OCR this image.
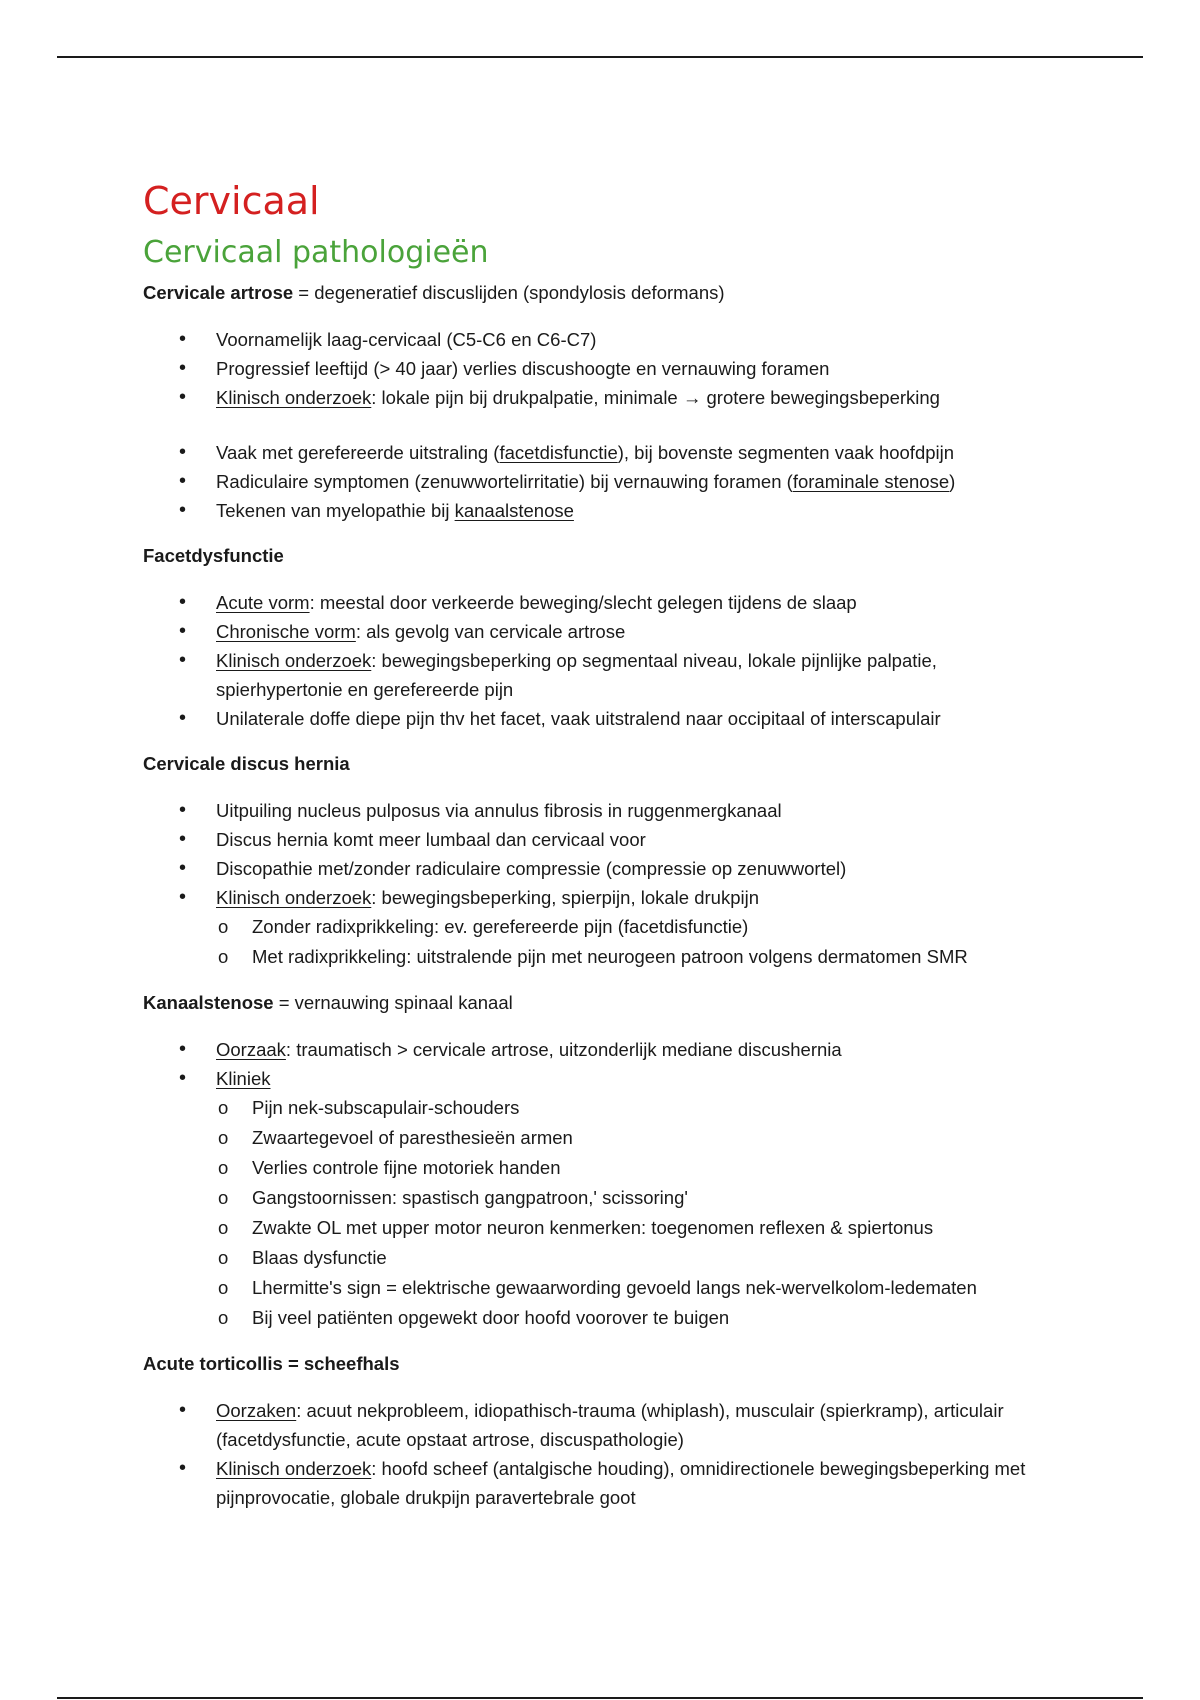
Cervicaal
Cervicaal pathologieën

Cervicale artrose = degeneratief discuslijden (spondylosis deformans)

• Voornamelijk laag-cervicaal (C5-C6 en C6-C7)
• Progressief leeftijd (> 40 jaar) verlies discushoogte en vernauwing foramen
• Klinisch onderzoek: lokale pijn bij drukpalpatie, minimale → grotere bewegingsbeperking
• Vaak met gerefereerde uitstraling (facetdisfunctie), bij bovenste segmenten vaak hoofdpijn
• Radiculaire symptomen (zenuwwortelirritatie) bij vernauwing foramen (foraminale stenose)
• Tekenen van myelopathie bij kanaalstenose

Facetdysfunctie

• Acute vorm: meestal door verkeerde beweging/slecht gelegen tijdens de slaap
• Chronische vorm: als gevolg van cervicale artrose
• Klinisch onderzoek: bewegingsbeperking op segmentaal niveau, lokale pijnlijke palpatie, spierhypertonie en gerefereerde pijn
• Unilaterale doffe diepe pijn thv het facet, vaak uitstralend naar occipitaal of interscapulair

Cervicale discus hernia

• Uitpuiling nucleus pulposus via annulus fibrosis in ruggenmergkanaal
• Discus hernia komt meer lumbaal dan cervicaal voor
• Discopathie met/zonder radiculaire compressie (compressie op zenuwwortel)
• Klinisch onderzoek: bewegingsbeperking, spierpijn, lokale drukpijn
o Zonder radixprikkeling: ev. gerefereerde pijn (facetdisfunctie)
o Met radixprikkeling: uitstralende pijn met neurogeen patroon volgens dermatomen SMR

Kanaalstenose = vernauwing spinaal kanaal

• Oorzaak: traumatisch > cervicale artrose, uitzonderlijk mediane discushernia
• Kliniek
o Pijn nek-subscapulair-schouders
o Zwaartegevoel of paresthesieën armen
o Verlies controle fijne motoriek handen
o Gangstoornissen: spastisch gangpatroon,' scissoring'
o Zwakte OL met upper motor neuron kenmerken: toegenomen reflexen & spiertonus
o Blaas dysfunctie
o Lhermitte's sign = elektrische gewaarwording gevoeld langs nek-wervelkolom-ledematen
o Bij veel patiënten opgewekt door hoofd voorover te buigen

Acute torticollis = scheefhals

• Oorzaken: acuut nekprobleem, idiopathisch-trauma (whiplash), musculair (spierkramp), articulair (facetdysfunctie, acute opstaat artrose, discuspathologie)
• Klinisch onderzoek: hoofd scheef (antalgische houding), omnidirectionele bewegingsbeperking met pijnprovocatie, globale drukpijn paravertebrale goot
